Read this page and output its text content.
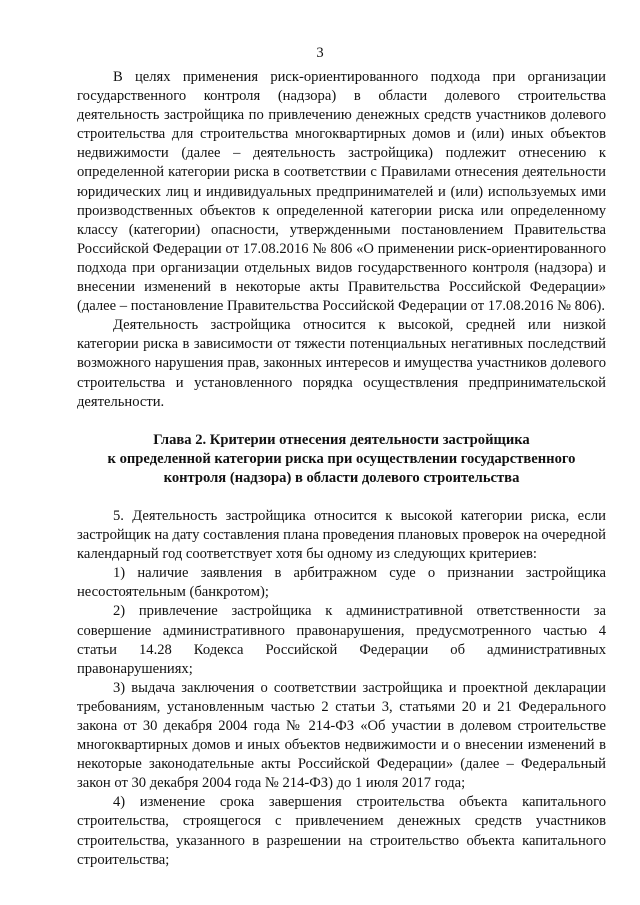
3

В целях применения риск-ориентированного подхода при организации государственного контроля (надзора) в области долевого строительства деятельность застройщика по привлечению денежных средств участников долевого строительства для строительства многоквартирных домов и (или) иных объектов недвижимости (далее – деятельность застройщика) подлежит отнесению к определенной категории риска в соответствии с Правилами отнесения деятельности юридических лиц и индивидуальных предпринимателей и (или) используемых ими производственных объектов к определенной категории риска или определенному классу (категории) опасности, утвержденными постановлением Правительства Российской Федерации от 17.08.2016 № 806 «О применении риск-ориентированного подхода при организации отдельных видов государственного контроля (надзора) и внесении изменений в некоторые акты Правительства Российской Федерации» (далее – постановление Правительства Российской Федерации от 17.08.2016 № 806).

Деятельность застройщика относится к высокой, средней или низкой категории риска в зависимости от тяжести потенциальных негативных последствий возможного нарушения прав, законных интересов и имущества участников долевого строительства и установленного порядка осуществления предпринимательской деятельности.

Глава 2. Критерии отнесения деятельности застройщика
к определенной категории риска при осуществлении государственного
контроля (надзора) в области долевого строительства

5. Деятельность застройщика относится к высокой категории риска, если застройщик на дату составления плана проведения плановых проверок на очередной календарный год соответствует хотя бы одному из следующих критериев:

1) наличие заявления в арбитражном суде о признании застройщика несостоятельным (банкротом);

2) привлечение застройщика к административной ответственности за совершение административного правонарушения, предусмотренного частью 4 статьи 14.28 Кодекса Российской Федерации об административных правонарушениях;

3) выдача заключения о соответствии застройщика и проектной декларации требованиям, установленным частью 2 статьи 3, статьями 20 и 21 Федерального закона от 30 декабря 2004 года № 214-ФЗ «Об участии в долевом строительстве многоквартирных домов и иных объектов недвижимости и о внесении изменений в некоторые законодательные акты Российской Федерации» (далее – Федеральный закон от 30 декабря 2004 года № 214-ФЗ) до 1 июля 2017 года;

4) изменение срока завершения строительства объекта капитального строительства, строящегося с привлечением денежных средств участников строительства, указанного в разрешении на строительство объекта капитального строительства;
